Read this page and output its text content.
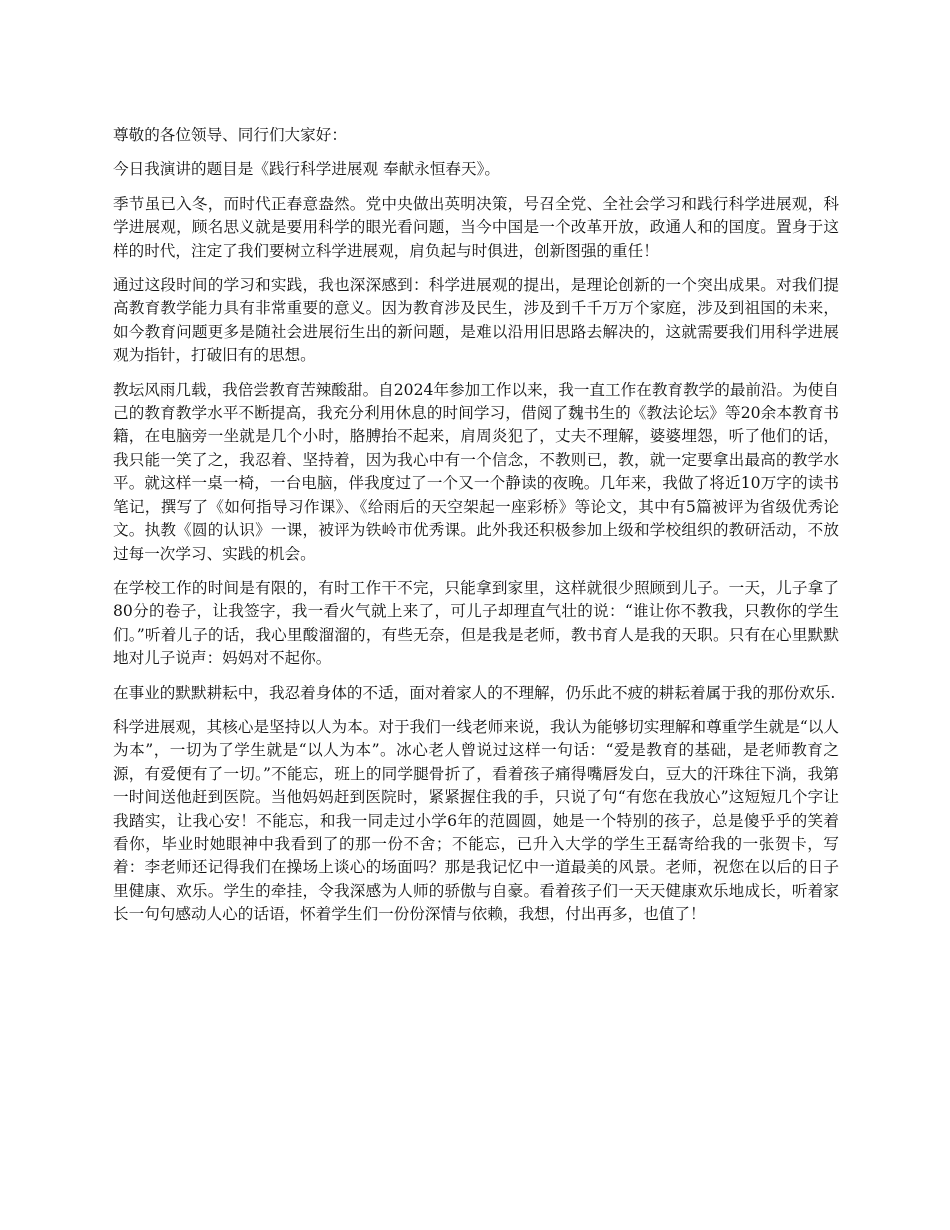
尊敬的各位领导、同行们大家好：

今日我演讲的题目是《践行科学进展观 奉献永恒春天》。

季节虽已入冬，而时代正春意盎然。党中央做出英明决策，号召全党、全社会学习和践行科学进展观，科学进展观，顾名思义就是要用科学的眼光看问题，当今中国是一个改革开放，政通人和的国度。置身于这样的时代，注定了我们要树立科学进展观，肩负起与时俱进，创新图强的重任！

通过这段时间的学习和实践，我也深深感到：科学进展观的提出，是理论创新的一个突出成果。对我们提高教育教学能力具有非常重要的意义。因为教育涉及民生，涉及到千千万万个家庭，涉及到祖国的未来，如今教育问题更多是随社会进展衍生出的新问题，是难以沿用旧思路去解决的，这就需要我们用科学进展观为指针，打破旧有的思想。

教坛风雨几载，我倍尝教育苦辣酸甜。自2024年参加工作以来，我一直工作在教育教学的最前沿。为使自己的教育教学水平不断提高，我充分利用休息的时间学习，借阅了魏书生的《教法论坛》等20余本教育书籍，在电脑旁一坐就是几个小时，胳膊抬不起来，肩周炎犯了，丈夫不理解，婆婆埋怨，听了他们的话，我只能一笑了之，我忍着、坚持着，因为我心中有一个信念，不教则已，教，就一定要拿出最高的教学水平。就这样一桌一椅，一台电脑，伴我度过了一个又一个静读的夜晚。几年来，我做了将近10万字的读书笔记，撰写了《如何指导习作课》、《给雨后的天空架起一座彩桥》等论文，其中有5篇被评为省级优秀论文。执教《圆的认识》一课，被评为铁岭市优秀课。此外我还积极参加上级和学校组织的教研活动，不放过每一次学习、实践的机会。

在学校工作的时间是有限的，有时工作干不完，只能拿到家里，这样就很少照顾到儿子。一天，儿子拿了80分的卷子，让我签字，我一看火气就上来了，可儿子却理直气壮的说：“谁让你不教我，只教你的学生们。”听着儿子的话，我心里酸溜溜的，有些无奈，但是我是老师，教书育人是我的天职。只有在心里默默地对儿子说声：妈妈对不起你。

在事业的默默耕耘中，我忍着身体的不适，面对着家人的不理解，仍乐此不疲的耕耘着属于我的那份欢乐.

科学进展观，其核心是坚持以人为本。对于我们一线老师来说，我认为能够切实理解和尊重学生就是“以人为本”，一切为了学生就是“以人为本”。冰心老人曾说过这样一句话：“爱是教育的基础，是老师教育之源，有爱便有了一切。”不能忘，班上的同学腿骨折了，看着孩子痛得嘴唇发白，豆大的汗珠往下淌，我第一时间送他赶到医院。当他妈妈赶到医院时，紧紧握住我的手，只说了句“有您在我放心”这短短几个字让我踏实，让我心安！不能忘，和我一同走过小学6年的范圆圆，她是一个特别的孩子，总是傻乎乎的笑着看你，毕业时她眼神中我看到了的那一份不舍；不能忘，已升入大学的学生王磊寄给我的一张贺卡，写着：李老师还记得我们在操场上谈心的场面吗？那是我记忆中一道最美的风景。老师，祝您在以后的日子里健康、欢乐。学生的牵挂，令我深感为人师的骄傲与自豪。看着孩子们一天天健康欢乐地成长，听着家长一句句感动人心的话语，怀着学生们一份份深情与依赖，我想，付出再多，也值了！
